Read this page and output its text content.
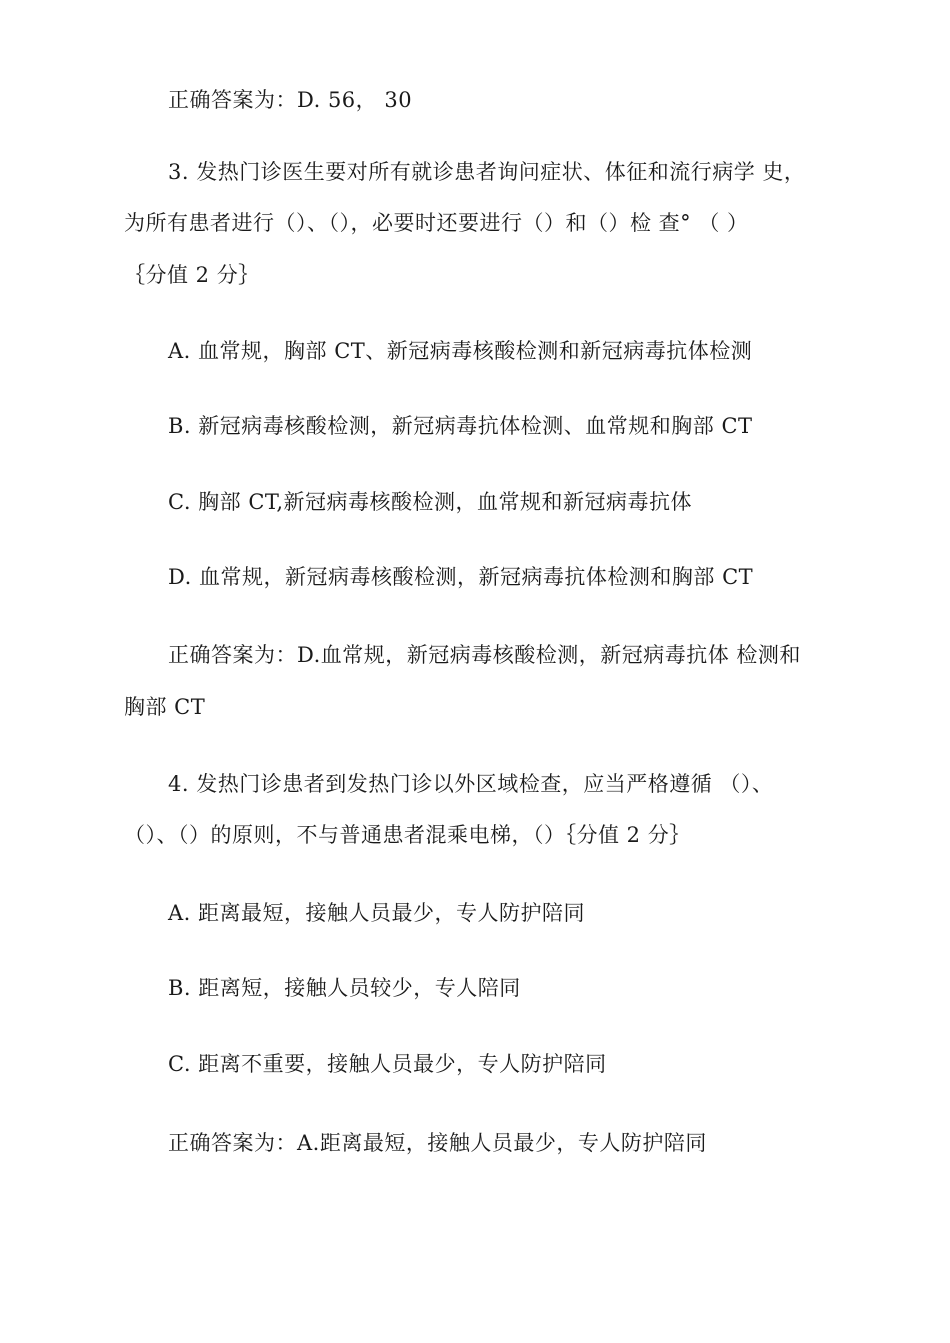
正确答案为：D. 56， 30
3. 发热门诊医生要对所有就诊患者询问症状、体征和流行病学 史，
为所有患者进行（）、（），必要时还要进行（）和（）检 查° （ ）
｛分值 2 分｝
A. 血常规，胸部 CT、新冠病毒核酸检测和新冠病毒抗体检测
B. 新冠病毒核酸检测，新冠病毒抗体检测、血常规和胸部 CT
C. 胸部 CT,新冠病毒核酸检测，血常规和新冠病毒抗体
D. 血常规，新冠病毒核酸检测，新冠病毒抗体检测和胸部 CT
正确答案为：D.血常规，新冠病毒核酸检测，新冠病毒抗体 检测和
胸部 CT
4. 发热门诊患者到发热门诊以外区域检查，应当严格遵循 （）、
（）、（）的原则，不与普通患者混乘电梯，（）｛分值 2 分｝
A. 距离最短，接触人员最少，专人防护陪同
B. 距离短，接触人员较少，专人陪同
C. 距离不重要，接触人员最少，专人防护陪同
正确答案为：A.距离最短，接触人员最少，专人防护陪同
